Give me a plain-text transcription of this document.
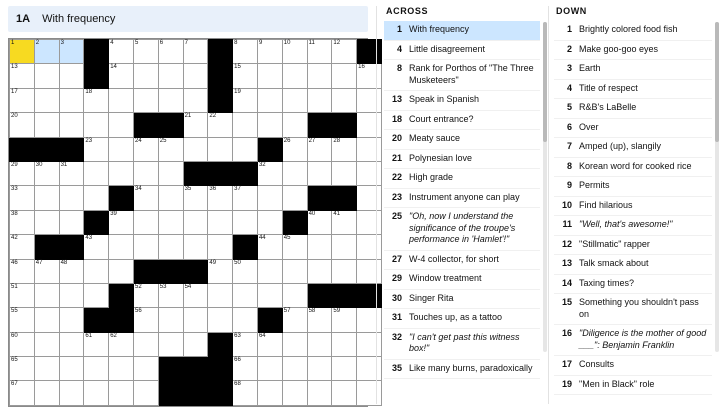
1A With frequency
1	2	3		4	5	6	7		8	9	10	11	12	

13				14					15					16

17			18						19					

20							21	22						

			23		24	25					26	27	28	

29	30	31								32				

33					34		35	36	37					

38				39								40	41	

42			43							44	45			

46	47	48						49	50					

51					52	53	54							

55					56						57	58	59	

60			61	62					63	64				

65									66					

67									68					

ACROSS
1 With frequency
4 Little disagreement
8 Rank for Porthos of "The Three Musketeers"
13 Speak in Spanish
18 Court entrance?
20 Meaty sauce
21 Polynesian love
22 High grade
23 Instrument anyone can play
25 "Oh, now I understand the significance of the troupe's performance in 'Hamlet'!"
27 W-4 collector, for short
29 Window treatment
30 Singer Rita
31 Touches up, as a tattoo
32 "I can't get past this witness box!"
35 Like many burns, paradoxically
DOWN
1 Brightly colored food fish
2 Make goo-goo eyes
3 Earth
4 Title of respect
5 R&B's LaBelle
6 Over
7 Amped (up), slangily
8 Korean word for cooked rice
9 Permits
10 Find hilarious
11 "Well, that's awesome!"
12 "Stillmatic" rapper
13 Talk smack about
14 Taxing times?
15 Something you shouldn't pass on
16 "Diligence is the mother of good ___": Benjamin Franklin
17 Consults
19 "Men in Black" role
